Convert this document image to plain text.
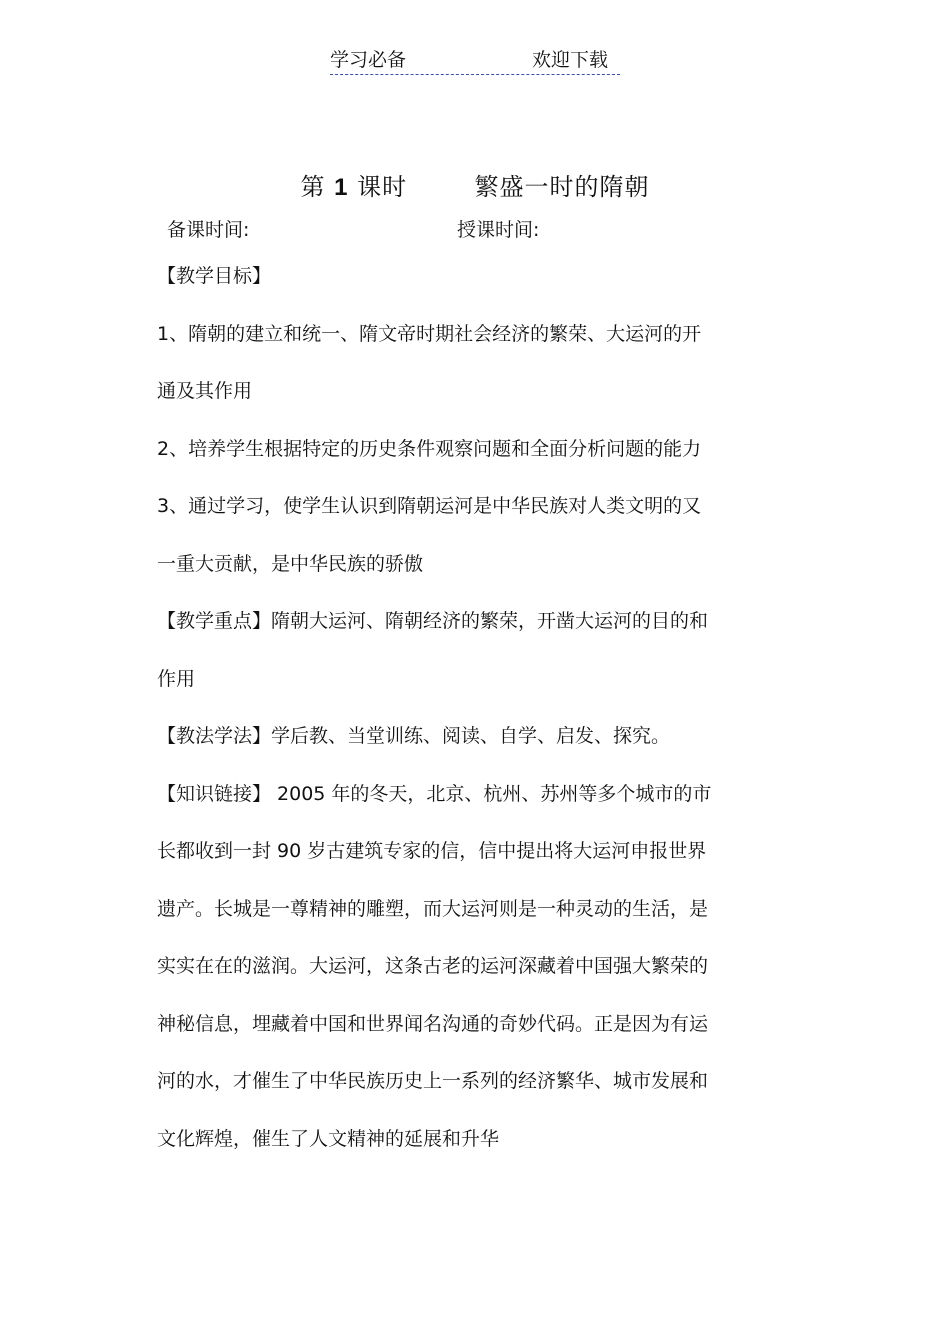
学习必备	欢迎下载
第 1 课时	繁盛一时的隋朝
备课时间:	授课时间:
【教学目标】
1、隋朝的建立和统一、隋文帝时期社会经济的繁荣、大运河的开
通及其作用
2、培养学生根据特定的历史条件观察问题和全面分析问题的能力
3、通过学习，使学生认识到隋朝运河是中华民族对人类文明的又
一重大贡献，是中华民族的骄傲
【教学重点】隋朝大运河、隋朝经济的繁荣，开凿大运河的目的和
作用
【教法学法】学后教、当堂训练、阅读、自学、启发、探究。
【知识链接】 2005 年的冬天，北京、杭州、苏州等多个城市的市
长都收到一封 90 岁古建筑专家的信，信中提出将大运河申报世界
遗产。长城是一尊精神的雕塑，而大运河则是一种灵动的生活，是
实实在在的滋润。大运河，这条古老的运河深藏着中国强大繁荣的
神秘信息，埋藏着中国和世界闻名沟通的奇妙代码。正是因为有运
河的水，才催生了中华民族历史上一系列的经济繁华、城市发展和
文化辉煌，催生了人文精神的延展和升华
